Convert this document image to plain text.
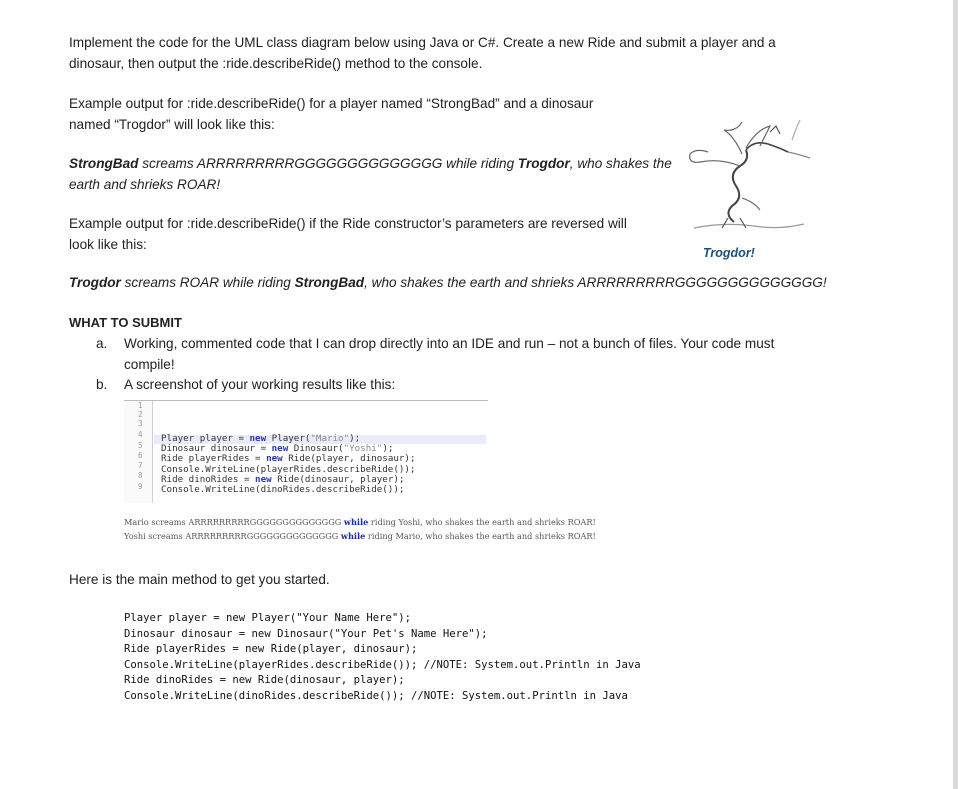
Implement the code for the UML class diagram below using Java or C#. Create a new Ride and submit a player and a

dinosaur, then output the :ride.describeRide() method to the console.

Example output for :ride.describeRide() for a player named “StrongBad” and a dinosaur

named “Trogdor” will look like this:

StrongBad screams ARRRRRRRRRGGGGGGGGGGGGGG while riding Trogdor, who shakes the

earth and shrieks ROAR!

Example output for :ride.describeRide() if the Ride constructor’s parameters are reversed will

look like this:

Trogdor!

Trogdor screams ROAR while riding StrongBad, who shakes the earth and shrieks ARRRRRRRRRGGGGGGGGGGGGGG!

WHAT TO SUBMIT

a. Working, commented code that I can drop directly into an IDE and run – not a bunch of files. Your code must
compile!
b. A screenshot of your working results like this:
1
2
3
4
5
6
7
8
9
Player player = new Player("Mario");
Dinosaur dinosaur = new Dinosaur("Yoshi");
Ride playerRides = new Ride(player, dinosaur);
Console.WriteLine(playerRides.describeRide());
Ride dinoRides = new Ride(dinosaur, player);
Console.WriteLine(dinoRides.describeRide());
Mario screams ARRRRRRRRRGGGGGGGGGGGGGG while riding Yoshi, who shakes the earth and shrieks ROAR!
Yoshi screams ARRRRRRRRRGGGGGGGGGGGGGG while riding Mario, who shakes the earth and shrieks ROAR!

Here is the main method to get you started.

Player player = new Player("Your Name Here");
Dinosaur dinosaur = new Dinosaur("Your Pet's Name Here");
Ride playerRides = new Ride(player, dinosaur);
Console.WriteLine(playerRides.describeRide()); //NOTE: System.out.Println in Java
Ride dinoRides = new Ride(dinosaur, player);
Console.WriteLine(dinoRides.describeRide()); //NOTE: System.out.Println in Java
